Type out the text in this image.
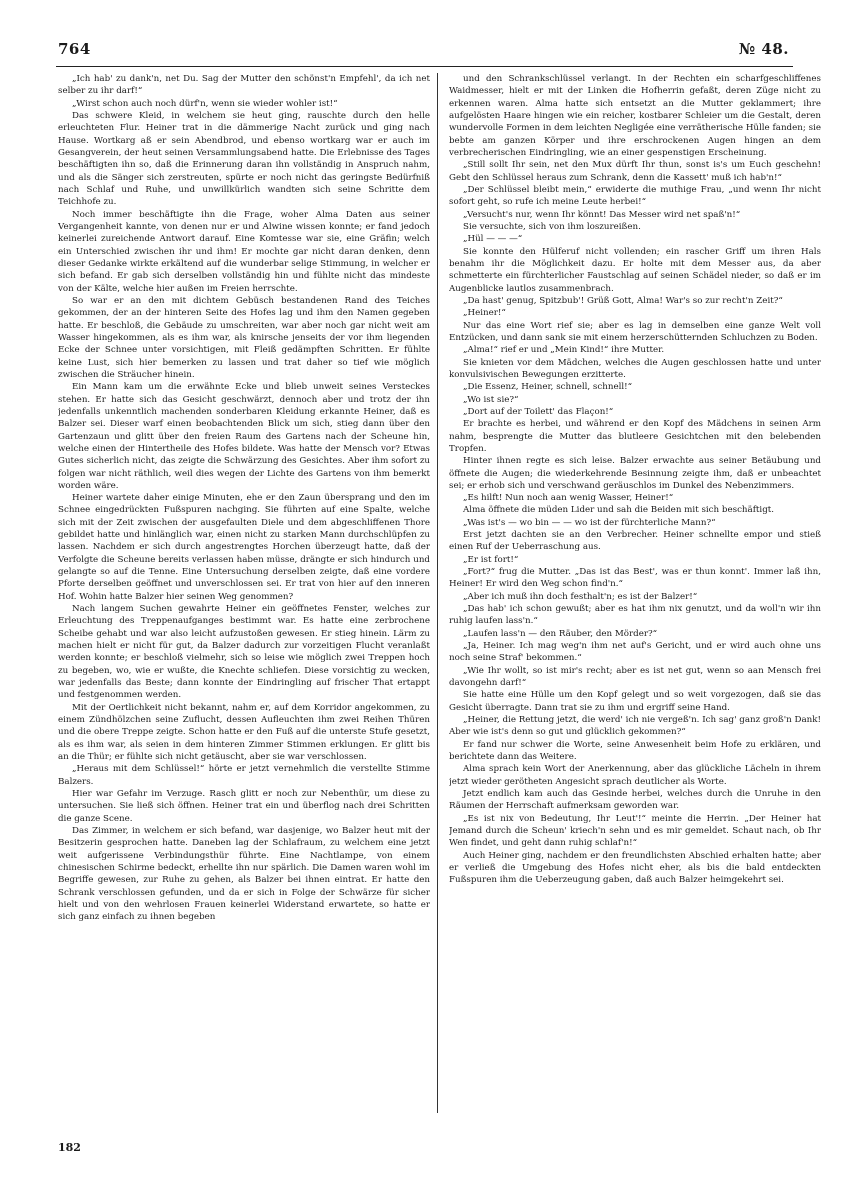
764	№ 48.

„Ich hab' zu dank'n, net Du. Sag der Mutter den schönst'n Empfehl', da ich net selber zu ihr darf!“

„Wirst schon auch noch dürf'n, wenn sie wieder wohler ist!“

Das schwere Kleid, in welchem sie heut ging, rauschte durch den helle erleuchteten Flur. Heiner trat in die dämmerige Nacht zurück und ging nach Hause. Wortkarg aß er sein Abendbrod, und ebenso wortkarg war er auch im Gesangverein, der heut seinen Versammlungsabend hatte. Die Erlebnisse des Tages beschäftigten ihn so, daß die Erinnerung daran ihn vollständig in Anspruch nahm, und als die Sänger sich zerstreuten, spürte er noch nicht das geringste Bedürfniß nach Schlaf und Ruhe, und unwillkürlich wandten sich seine Schritte dem Teichhofe zu.

Noch immer beschäftigte ihn die Frage, woher Alma Daten aus seiner Vergangenheit kannte, von denen nur er und Alwine wissen konnte; er fand jedoch keinerlei zureichende Antwort darauf. Eine Komtesse war sie, eine Gräfin; welch ein Unterschied zwischen ihr und ihm! Er mochte gar nicht daran denken, denn dieser Gedanke wirkte erkältend auf die wunderbar selige Stimmung, in welcher er sich befand. Er gab sich derselben vollständig hin und fühlte nicht das mindeste von der Kälte, welche hier außen im Freien herrschte.

So war er an den mit dichtem Gebüsch bestandenen Rand des Teiches gekommen, der an der hinteren Seite des Hofes lag und ihm den Namen gegeben hatte. Er beschloß, die Gebäude zu umschreiten, war aber noch gar nicht weit am Wasser hingekommen, als es ihm war, als knirsche jenseits der vor ihm liegenden Ecke der Schnee unter vorsichtigen, mit Fleiß gedämpften Schritten. Er fühlte keine Lust, sich hier bemerken zu lassen und trat daher so tief wie möglich zwischen die Sträucher hinein.

Ein Mann kam um die erwähnte Ecke und blieb unweit seines Versteckes stehen. Er hatte sich das Gesicht geschwärzt, dennoch aber und trotz der ihn jedenfalls unkenntlich machenden sonderbaren Kleidung erkannte Heiner, daß es Balzer sei. Dieser warf einen beobachtenden Blick um sich, stieg dann über den Gartenzaun und glitt über den freien Raum des Gartens nach der Scheune hin, welche einen der Hintertheile des Hofes bildete. Was hatte der Mensch vor? Etwas Gutes sicherlich nicht, das zeigte die Schwärzung des Gesichtes. Aber ihm sofort zu folgen war nicht räthlich, weil dies wegen der Lichte des Gartens von ihm bemerkt worden wäre.

Heiner wartete daher einige Minuten, ehe er den Zaun übersprang und den im Schnee eingedrückten Fußspuren nachging. Sie führten auf eine Spalte, welche sich mit der Zeit zwischen der ausgefaulten Diele und dem abgeschliffenen Thore gebildet hatte und hinlänglich war, einen nicht zu starken Mann durchschlüpfen zu lassen. Nachdem er sich durch angestrengtes Horchen überzeugt hatte, daß der Verfolgte die Scheune bereits verlassen haben müsse, drängte er sich hindurch und gelangte so auf die Tenne. Eine Untersuchung derselben zeigte, daß eine vordere Pforte derselben geöffnet und unverschlossen sei. Er trat von hier auf den inneren Hof. Wohin hatte Balzer hier seinen Weg genommen?

Nach langem Suchen gewahrte Heiner ein geöffnetes Fenster, welches zur Erleuchtung des Treppenaufganges bestimmt war. Es hatte eine zerbrochene Scheibe gehabt und war also leicht aufzustoßen gewesen. Er stieg hinein. Lärm zu machen hielt er nicht für gut, da Balzer dadurch zur vorzeitigen Flucht veranlaßt werden konnte; er beschloß vielmehr, sich so leise wie möglich zwei Treppen hoch zu begeben, wo, wie er wußte, die Knechte schliefen. Diese vorsichtig zu wecken, war jedenfalls das Beste; dann konnte der Eindringling auf frischer That ertappt und festgenommen werden.

Mit der Oertlichkeit nicht bekannt, nahm er, auf dem Korridor angekommen, zu einem Zündhölzchen seine Zuflucht, dessen Aufleuchten ihm zwei Reihen Thüren und die obere Treppe zeigte. Schon hatte er den Fuß auf die unterste Stufe gesetzt, als es ihm war, als seien in dem hinteren Zimmer Stimmen erklungen. Er glitt bis an die Thür; er fühlte sich nicht getäuscht, aber sie war verschlossen.

„Heraus mit dem Schlüssel!“ hörte er jetzt vernehmlich die verstellte Stimme Balzers.

Hier war Gefahr im Verzuge. Rasch glitt er noch zur Nebenthür, um diese zu untersuchen. Sie ließ sich öffnen. Heiner trat ein und überflog nach drei Schritten die ganze Scene.

Das Zimmer, in welchem er sich befand, war dasjenige, wo Balzer heut mit der Besitzerin gesprochen hatte. Daneben lag der Schlafraum, zu welchem eine jetzt weit aufgerissene Verbindungsthür führte. Eine Nachtlampe, von einem chinesischen Schirme bedeckt, erhellte ihn nur spärlich. Die Damen waren wohl im Begriffe gewesen, zur Ruhe zu gehen, als Balzer bei ihnen eintrat. Er hatte den Schrank verschlossen gefunden, und da er sich in Folge der Schwärze für sicher hielt und von den wehrlosen Frauen keinerlei Widerstand erwartete, so hatte er sich ganz einfach zu ihnen begeben

und den Schrankschlüssel verlangt. In der Rechten ein scharfgeschliffenes Waidmesser, hielt er mit der Linken die Hofherrin gefaßt, deren Züge nicht zu erkennen waren. Alma hatte sich entsetzt an die Mutter geklammert; ihre aufgelösten Haare hingen wie ein reicher, kostbarer Schleier um die Gestalt, deren wundervolle Formen in dem leichten Negligée eine verrätherische Hülle fanden; sie bebte am ganzen Körper und ihre erschrockenen Augen hingen an dem verbrecherischen Eindringling, wie an einer gespenstigen Erscheinung.

„Still sollt Ihr sein, net den Mux dürft Ihr thun, sonst is's um Euch geschehn! Gebt den Schlüssel heraus zum Schrank, denn die Kassett' muß ich hab'n!“

„Der Schlüssel bleibt mein,“ erwiderte die muthige Frau, „und wenn Ihr nicht sofort geht, so rufe ich meine Leute herbei!“

„Versucht's nur, wenn Ihr könnt! Das Messer wird net spaß'n!“

Sie versuchte, sich von ihm loszureißen.

„Hül — — —“

Sie konnte den Hülferuf nicht vollenden; ein rascher Griff um ihren Hals benahm ihr die Möglichkeit dazu. Er holte mit dem Messer aus, da aber schmetterte ein fürchterlicher Faustschlag auf seinen Schädel nieder, so daß er im Augenblicke lautlos zusammenbrach.

„Da hast' genug, Spitzbub'! Grüß Gott, Alma! War's so zur recht'n Zeit?“

„Heiner!“

Nur das eine Wort rief sie; aber es lag in demselben eine ganze Welt voll Entzücken, und dann sank sie mit einem herzerschütternden Schluchzen zu Boden.

„Alma!“ rief er und „Mein Kind!“ ihre Mutter.

Sie knieten vor dem Mädchen, welches die Augen geschlossen hatte und unter konvulsivischen Bewegungen erzitterte.

„Die Essenz, Heiner, schnell, schnell!“

„Wo ist sie?“

„Dort auf der Toilett' das Flaçon!“

Er brachte es herbei, und während er den Kopf des Mädchens in seinen Arm nahm, besprengte die Mutter das blutleere Gesichtchen mit den belebenden Tropfen.

Hinter ihnen regte es sich leise. Balzer erwachte aus seiner Betäubung und öffnete die Augen; die wiederkehrende Besinnung zeigte ihm, daß er unbeachtet sei; er erhob sich und verschwand geräuschlos im Dunkel des Nebenzimmers.

„Es hilft! Nun noch aan wenig Wasser, Heiner!“

Alma öffnete die müden Lider und sah die Beiden mit sich beschäftigt.

„Was ist's — wo bin — — wo ist der fürchterliche Mann?“

Erst jetzt dachten sie an den Verbrecher. Heiner schnellte empor und stieß einen Ruf der Ueberraschung aus.

„Er ist fort!“

„Fort?“ frug die Mutter. „Das ist das Best', was er thun konnt'. Immer laß ihn, Heiner! Er wird den Weg schon find'n.“

„Aber ich muß ihn doch festhalt'n; es ist der Balzer!“

„Das hab' ich schon gewußt; aber es hat ihm nix genutzt, und da woll'n wir ihn ruhig laufen lass'n.“

„Laufen lass'n — den Räuber, den Mörder?“

„Ja, Heiner. Ich mag weg'n ihm net auf's Gericht, und er wird auch ohne uns noch seine Straf' bekommen.“

„Wie Ihr wollt, so ist mir's recht; aber es ist net gut, wenn so aan Mensch frei davongehn darf!“

Sie hatte eine Hülle um den Kopf gelegt und so weit vorgezogen, daß sie das Gesicht überragte. Dann trat sie zu ihm und ergriff seine Hand.

„Heiner, die Rettung jetzt, die werd' ich nie vergeß'n. Ich sag' ganz groß'n Dank! Aber wie ist's denn so gut und glücklich gekommen?“

Er fand nur schwer die Worte, seine Anwesenheit beim Hofe zu erklären, und berichtete dann das Weitere.

Alma sprach kein Wort der Anerkennung, aber das glückliche Lächeln in ihrem jetzt wieder gerötheten Angesicht sprach deutlicher als Worte.

Jetzt endlich kam auch das Gesinde herbei, welches durch die Unruhe in den Räumen der Herrschaft aufmerksam geworden war.

„Es ist nix von Bedeutung, Ihr Leut'!“ meinte die Herrin. „Der Heiner hat Jemand durch die Scheun' kriech'n sehn und es mir gemeldet. Schaut nach, ob Ihr Wen findet, und geht dann ruhig schlaf'n!“

Auch Heiner ging, nachdem er den freundlichsten Abschied erhalten hatte; aber er verließ die Umgebung des Hofes nicht eher, als bis die bald entdeckten Fußspuren ihm die Ueberzeugung gaben, daß auch Balzer heimgekehrt sei.

182
